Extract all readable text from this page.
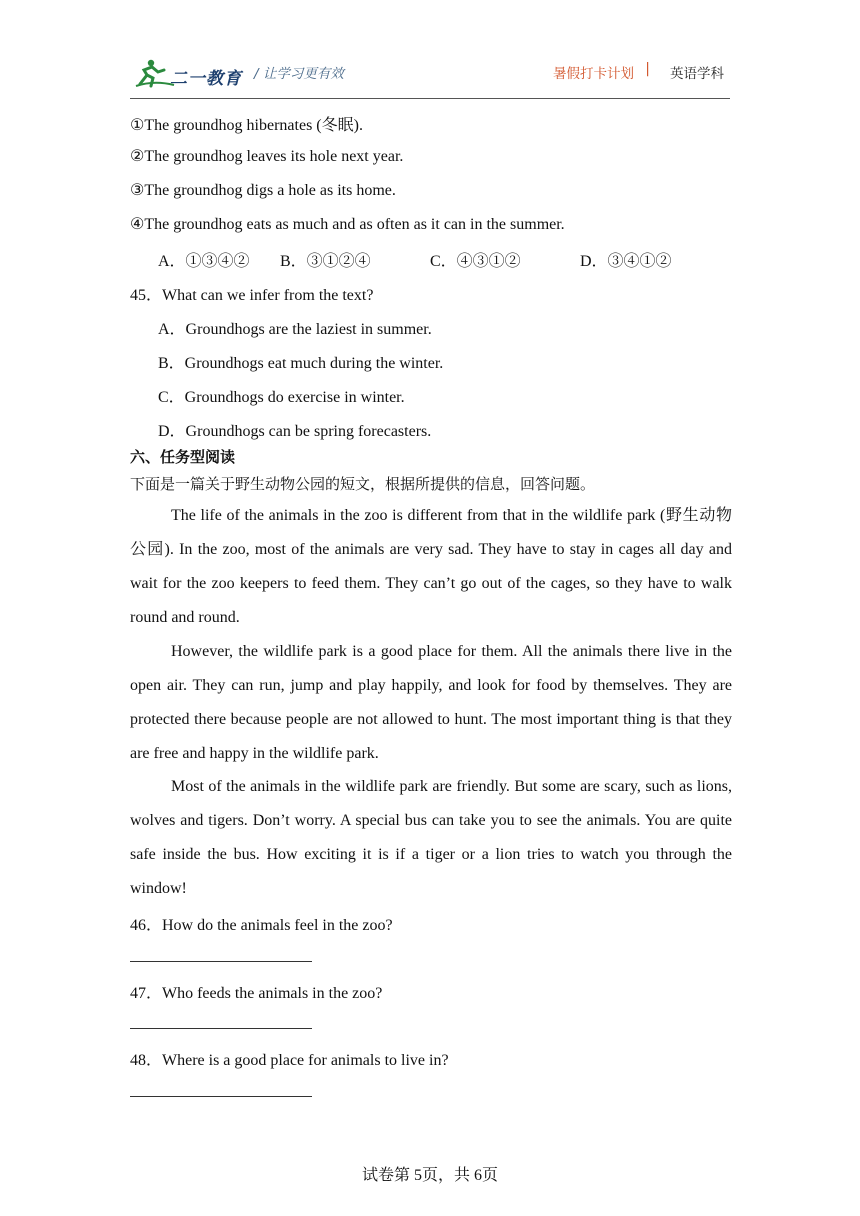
二一教育 / 让学习更有效	暑假打卡计划 | 英语学科
①The groundhog hibernates (冬眠).
②The groundhog leaves its hole next year.
③The groundhog digs a hole as its home.
④The groundhog eats as much and as often as it can in the summer.
A．①③④② B．③①②④	C．④③①②	D．③④①②
45．What can we infer from the text?
A．Groundhogs are the laziest in summer.
B．Groundhogs eat much during the winter.
C．Groundhogs do exercise in winter.
D．Groundhogs can be spring forecasters.
六、任务型阅读
下面是一篇关于野生动物公园的短文，根据所提供的信息，回答问题。

The life of the animals in the zoo is different from that in the wildlife park (野生动物公园). In the zoo, most of the animals are very sad. They have to stay in cages all day and wait for the zoo keepers to feed them. They can’t go out of the cages, so they have to walk round and round.

However, the wildlife park is a good place for them. All the animals there live in the open air. They can run, jump and play happily, and look for food by themselves. They are protected there because people are not allowed to hunt. The most important thing is that they are free and happy in the wildlife park.

Most of the animals in the wildlife park are friendly. But some are scary, such as lions, wolves and tigers. Don’t worry. A special bus can take you to see the animals. You are quite safe inside the bus. How exciting it is if a tiger or a lion tries to watch you through the window!

46．How do the animals feel in the zoo?
47．Who feeds the animals in the zoo?
48．Where is a good place for animals to live in?
试卷第 5页，共 6页
